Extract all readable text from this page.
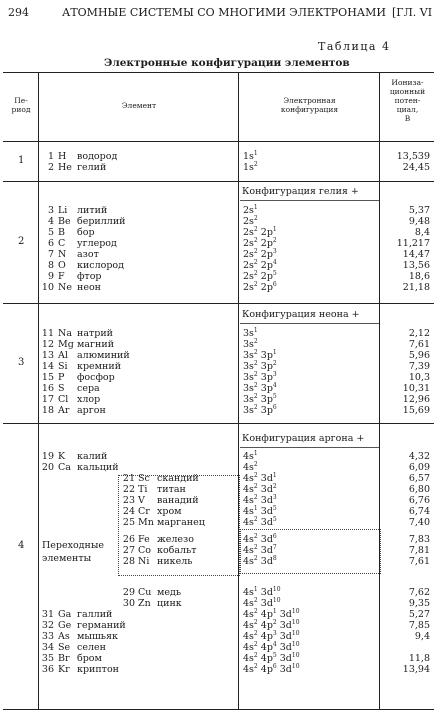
294	АТОМНЫЕ СИСТЕМЫ СО МНОГИМИ ЭЛЕКТРОНАМИ [ГЛ. VI
Таблица 4
Электронные конфигурации элементов
Пе-
риод	Элемент
Электронная
конфигурация
Иониза-
ционный
потен-
циал,
В
1
2
3
4
Конфигурация гелия +
Конфигурация неона +
Конфигурация аргона +
Переходные
элементы
1 H водород	$1s^1$	13,539
2 He гелий	$1s^2$	24,45
3 Li литий	$2s^1$	5,37
4 Be бериллий	$2s^2$	9,48
5 B бор	$2s^2$ $2p^1$	8,4
6 C углерод	$2s^2$ $2p^2$	11,217
7 N азот	$2s^2$ $2p^3$	14,47
8 O кислород	$2s^2$ $2p^4$	13,56
9 F фтор	$2s^2$ $2p^5$	18,6
10 Ne неон	$2s^2$ $2p^6$	21,18
11 Na натрий	$3s^1$	2,12
12 Mg магний	$3s^2$	7,61
13 Al алюминий	$3s^2$ $3p^1$	5,96
14 Si кремний	$3s^2$ $3p^2$	7,39
15 P фосфор	$3s^2$ $3p^3$	10,3
16 S сера	$3s^2$ $3p^4$	10,31
17 Cl хлор	$3s^2$ $3p^5$	12,96
18 Ar аргон	$3s^2$ $3p^6$	15,69
19 K калий	$4s^1$	4,32
20 Ca кальций	$4s^2$	6,09
21 Sc скандий	$4s^2$ $3d^1$	6,57
22 Ti титан	$4s^2$ $3d^2$	6,80
23 V ванадий	$4s^2$ $3d^3$	6,76
24 Cr хром	$4s^1$ $3d^5$	6,74
25 Mn марганец	$4s^2$ $3d^5$	7,40
26 Fe железо	$4s^2$ $3d^6$	7,83
27 Co кобальт	$4s^2$ $3d^7$	7,81
28 Ni никель	$4s^2$ $3d^8$	7,61
29 Cu медь	$4s^1$ $3d^{10}$	7,62
30 Zn цинк	$4s^2$ $3d^{10}$	9,35
31 Ga галлий	$4s^2$ $4p^1$ $3d^{10}$	5,27
32 Ge германий	$4s^2$ $4p^2$ $3d^{10}$	7,85
33 As мышьяк	$4s^2$ $4p^3$ $3d^{10}$	9,4
34 Se селен	$4s^2$ $4p^4$ $3d^{10}$
35 Br бром	$4s^2$ $4p^5$ $3d^{10}$	11,8
36 Kr криптон	$4s^2$ $4p^6$ $3d^{10}$	13,94
